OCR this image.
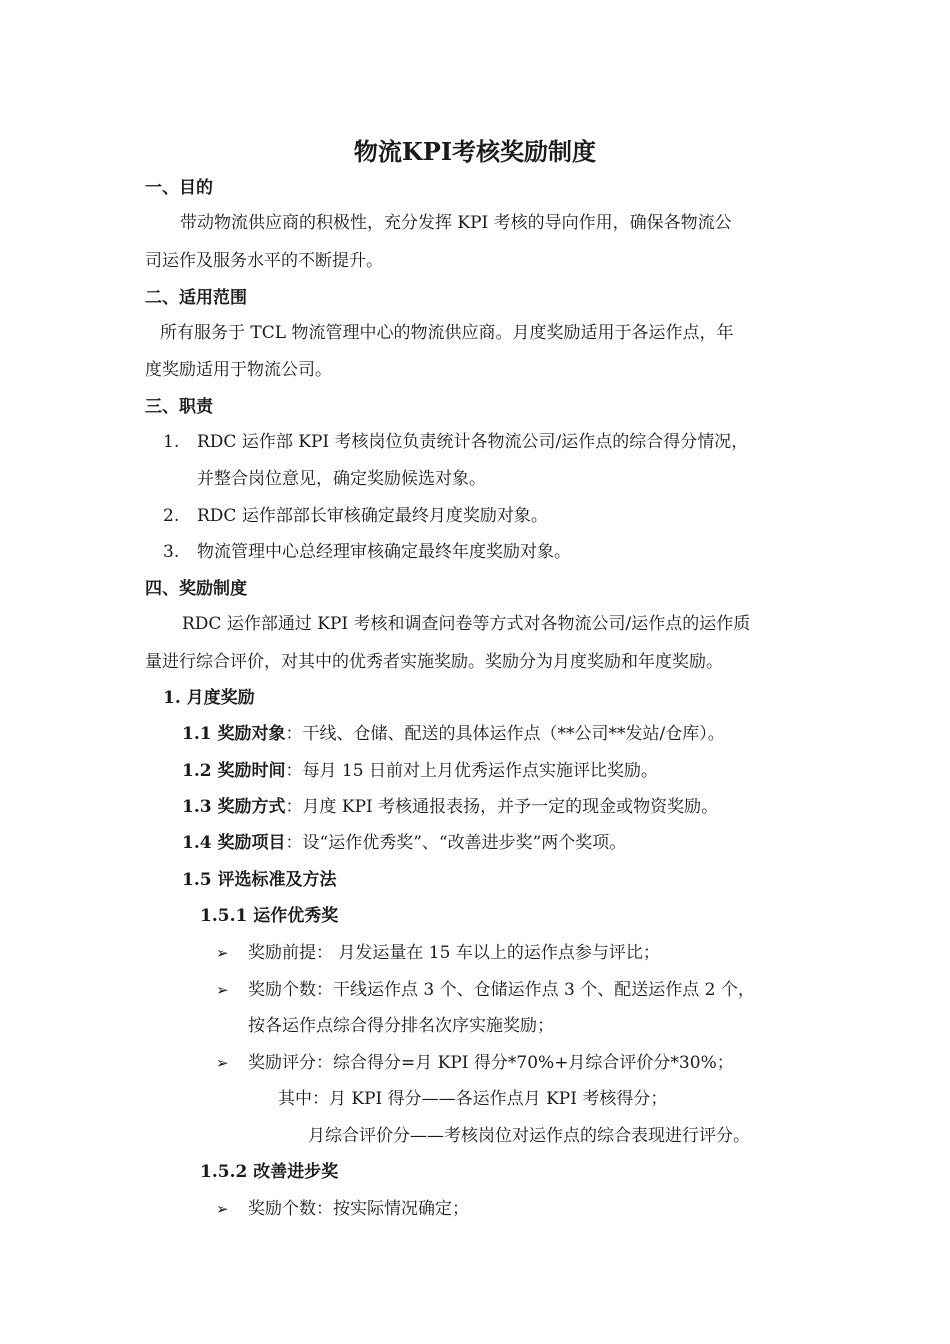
物流KPI考核奖励制度
一、目的
带动物流供应商的积极性，充分发挥 KPI 考核的导向作用，确保各物流公
司运作及服务水平的不断提升。
二、适用范围
所有服务于 TCL 物流管理中心的物流供应商。月度奖励适用于各运作点，年
度奖励适用于物流公司。
三、职责
1. RDC 运作部 KPI 考核岗位负责统计各物流公司/运作点的综合得分情况，
并整合岗位意见，确定奖励候选对象。
2. RDC 运作部部长审核确定最终月度奖励对象。
3. 物流管理中心总经理审核确定最终年度奖励对象。
四、奖励制度
RDC 运作部通过 KPI 考核和调查问卷等方式对各物流公司/运作点的运作质
量进行综合评价，对其中的优秀者实施奖励。奖励分为月度奖励和年度奖励。
1. 月度奖励
1.1 奖励对象：干线、仓储、配送的具体运作点（**公司**发站/仓库）。
1.2 奖励时间：每月 15 日前对上月优秀运作点实施评比奖励。
1.3 奖励方式：月度 KPI 考核通报表扬，并予一定的现金或物资奖励。
1.4 奖励项目：设“运作优秀奖”、“改善进步奖”两个奖项。
1.5 评选标准及方法
1.5.1 运作优秀奖
➢ 奖励前提： 月发运量在 15 车以上的运作点参与评比；
➢ 奖励个数：干线运作点 3 个、仓储运作点 3 个、配送运作点 2 个，
按各运作点综合得分排名次序实施奖励；
➢ 奖励评分：综合得分=月 KPI 得分*70%+月综合评价分*30%；
其中：月 KPI 得分——各运作点月 KPI 考核得分；
月综合评价分——考核岗位对运作点的综合表现进行评分。
1.5.2 改善进步奖
➢ 奖励个数：按实际情况确定；
